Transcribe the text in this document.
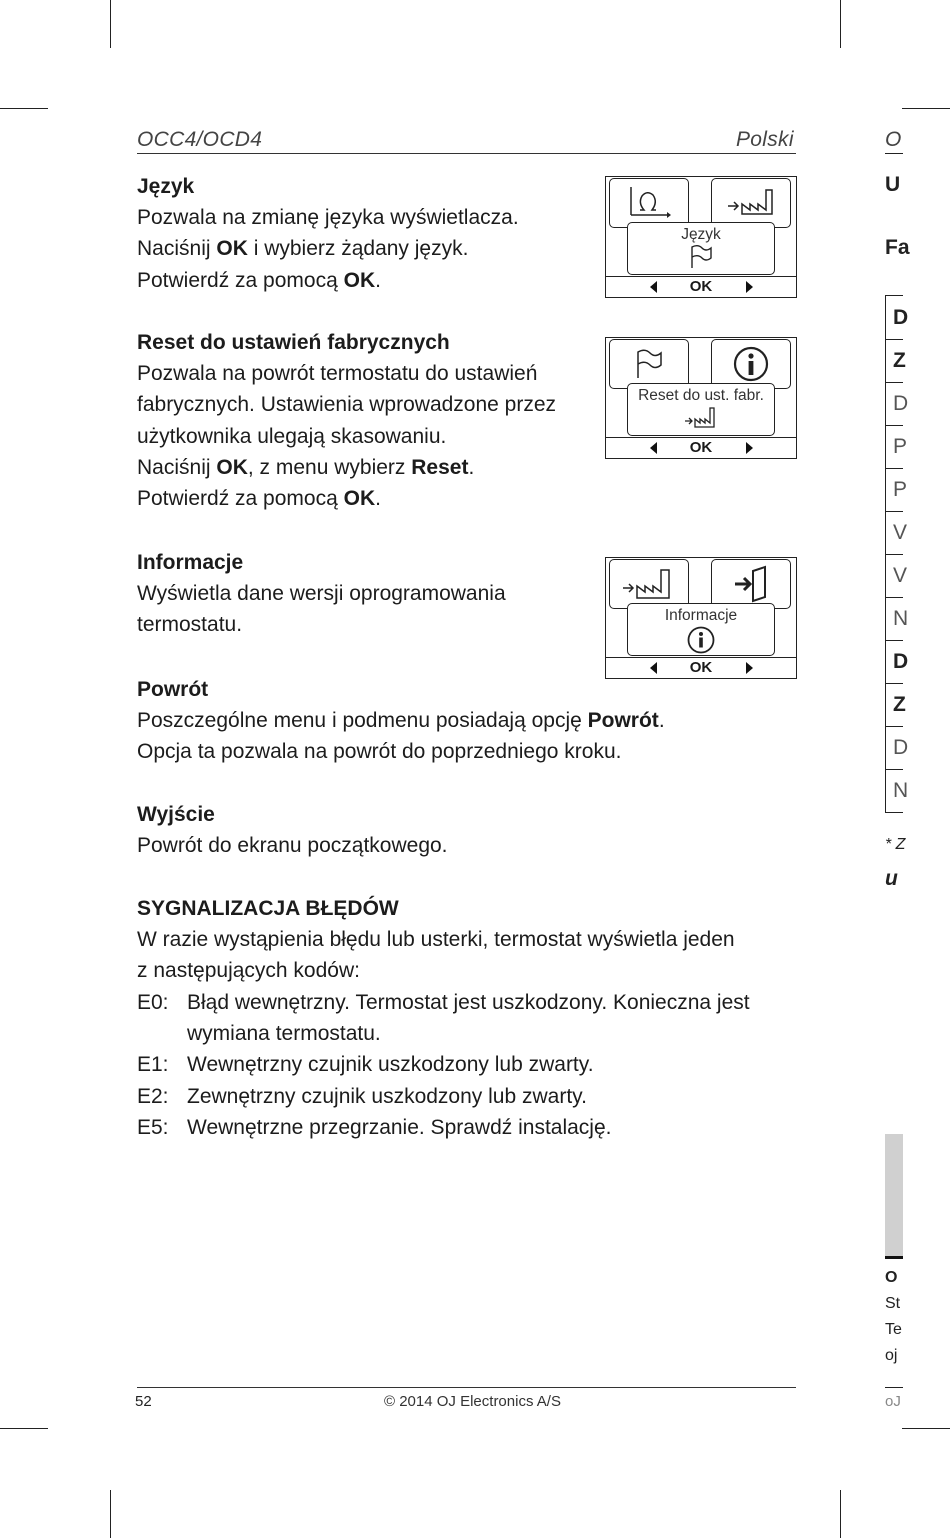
OCC4/OCD4	Polski
Język
Pozwala na zmianę języka wyświetlacza.
Naciśnij OK i wybierz żądany język.
Potwierdź za pomocą OK.
Reset do ustawień fabrycznych
Pozwala na powrót termostatu do ustawień
fabrycznych. Ustawienia wprowadzone przez
użytkownika ulegają skasowaniu.
Naciśnij OK, z menu wybierz Reset.
Potwierdź za pomocą OK.
Informacje
Wyświetla dane wersji oprogramowania
termostatu.
Powrót
Poszczególne menu i podmenu posiadają opcję Powrót.
Opcja ta pozwala na powrót do poprzedniego kroku.
Wyjście
Powrót do ekranu początkowego.
SYGNALIZACJA BŁĘDÓW
W razie wystąpienia błędu lub usterki, termostat wyświetla jeden
z następujących kodów:
E0: Błąd wewnętrzny. Termostat jest uszkodzony. Konieczna jest
wymiana termostatu.
E1: Wewnętrzny czujnik uszkodzony lub zwarty.
E2: Zewnętrzny czujnik uszkodzony lub zwarty.
E5: Wewnętrzne przegrzanie. Sprawdź instalację.
Język
OK
Reset do ust. fabr.
OK
Informacje
OK
52	© 2014 OJ Electronics A/S
O
U
Fa
D
Z
D
P
P
V
V
N
D
Z
D
N
* Z
u
O
St
Te
oj
oJ
